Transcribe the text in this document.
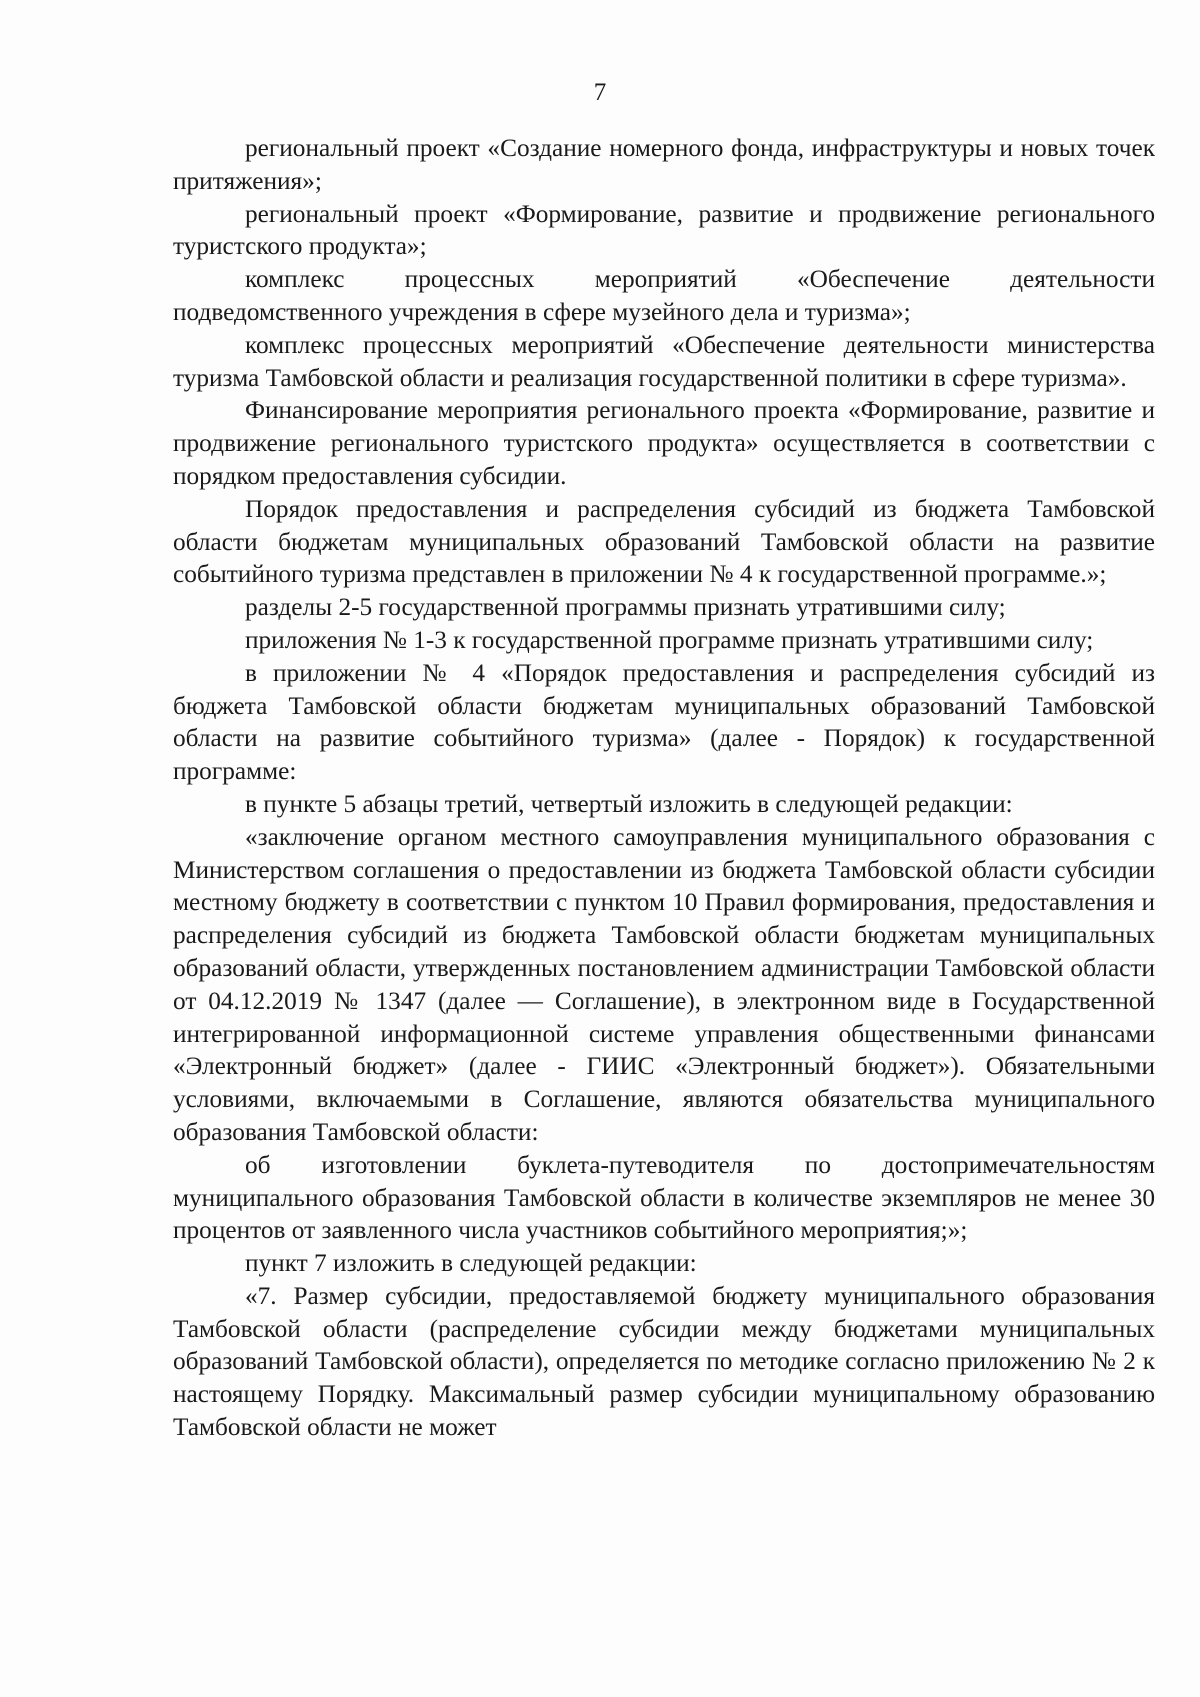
7

региональный проект «Создание номерного фонда, инфраструктуры и новых точек притяжения»;

региональный проект «Формирование, развитие и продвижение регионального туристского продукта»;

комплекс процессных мероприятий «Обеспечение деятельности подведомственного учреждения в сфере музейного дела и туризма»;

комплекс процессных мероприятий «Обеспечение деятельности министерства туризма Тамбовской области и реализация государственной политики в сфере туризма».

Финансирование мероприятия регионального проекта «Формирование, развитие и продвижение регионального туристского продукта» осуществляется в соответствии с порядком предоставления субсидии.

Порядок предоставления и распределения субсидий из бюджета Тамбовской области бюджетам муниципальных образований Тамбовской области на развитие событийного туризма представлен в приложении № 4 к государственной программе.»;

разделы 2-5 государственной программы признать утратившими силу;

приложения № 1-3 к государственной программе признать утратившими силу;

в приложении № 4 «Порядок предоставления и распределения субсидий из бюджета Тамбовской области бюджетам муниципальных образований Тамбовской области на развитие событийного туризма» (далее - Порядок) к государственной программе:

в пункте 5 абзацы третий, четвертый изложить в следующей редакции:

«заключение органом местного самоуправления муниципального образования с Министерством соглашения о предоставлении из бюджета Тамбовской области субсидии местному бюджету в соответствии с пунктом 10 Правил формирования, предоставления и распределения субсидий из бюджета Тамбовской области бюджетам муниципальных образований области, утвержденных постановлением администрации Тамбовской области от 04.12.2019 № 1347 (далее — Соглашение), в электронном виде в Государственной интегрированной информационной системе управления общественными финансами «Электронный бюджет» (далее - ГИИС «Электронный бюджет»). Обязательными условиями, включаемыми в Соглашение, являются обязательства муниципального образования Тамбовской области:

об изготовлении буклета-путеводителя по достопримечательностям муниципального образования Тамбовской области в количестве экземпляров не менее 30 процентов от заявленного числа участников событийного мероприятия;»;

пункт 7 изложить в следующей редакции:

«7. Размер субсидии, предоставляемой бюджету муниципального образования Тамбовской области (распределение субсидии между бюджетами муниципальных образований Тамбовской области), определяется по методике согласно приложению № 2 к настоящему Порядку. Максимальный размер субсидии муниципальному образованию Тамбовской области не может
